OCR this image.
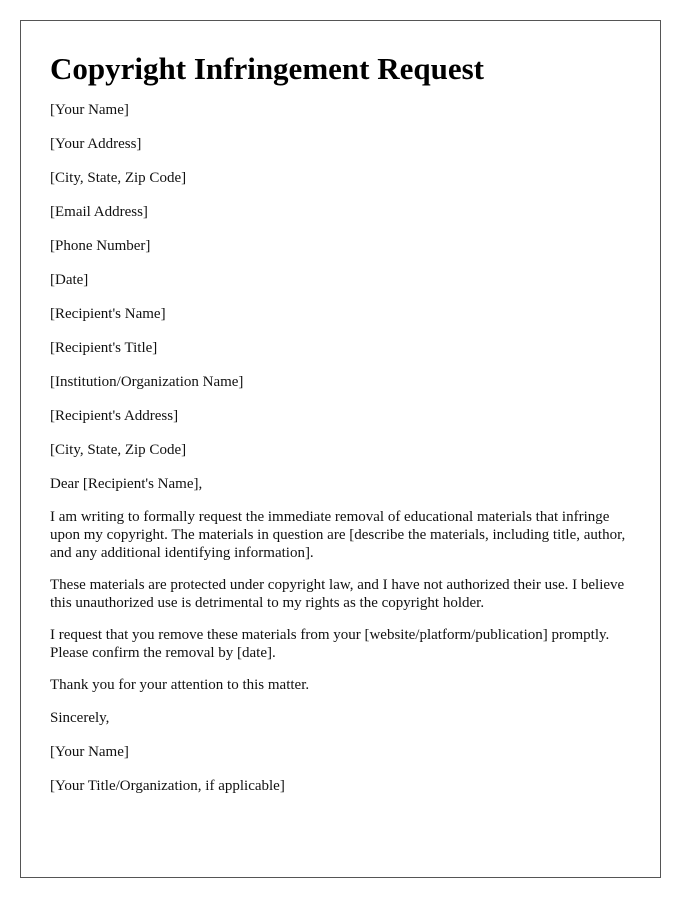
Copyright Infringement Request
[Your Name]
[Your Address]
[City, State, Zip Code]
[Email Address]
[Phone Number]
[Date]
[Recipient's Name]
[Recipient's Title]
[Institution/Organization Name]
[Recipient's Address]
[City, State, Zip Code]
Dear [Recipient's Name],

I am writing to formally request the immediate removal of educational materials that infringe upon my copyright. The materials in question are [describe the materials, including title, author, and any additional identifying information].

These materials are protected under copyright law, and I have not authorized their use. I believe this unauthorized use is detrimental to my rights as the copyright holder.

I request that you remove these materials from your [website/platform/publication] promptly. Please confirm the removal by [date].

Thank you for your attention to this matter.

Sincerely,
[Your Name]
[Your Title/Organization, if applicable]
